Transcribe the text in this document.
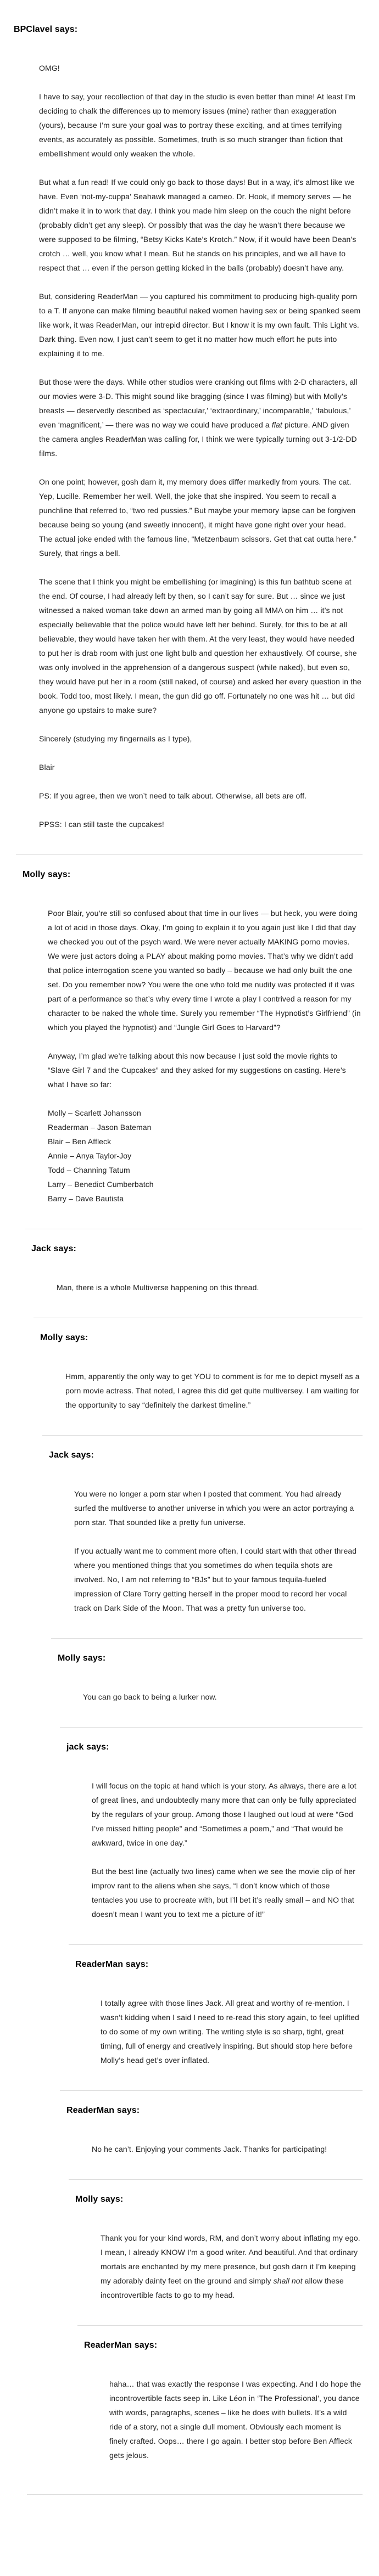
BPClavel says:

OMG!

I have to say, your recollection of that day in the studio is even better than mine! At least I’m deciding to chalk the differences up to memory issues (mine) rather than exaggeration (yours), because I’m sure your goal was to portray these exciting, and at times terrifying events, as accurately as possible. Sometimes, truth is so much stranger than fiction that embellishment would only weaken the whole.

But what a fun read! If we could only go back to those days! But in a way, it’s almost like we have. Even ‘not-my-cuppa’ Seahawk managed a cameo. Dr. Hook, if memory serves — he didn’t make it in to work that day. I think you made him sleep on the couch the night before (probably didn’t get any sleep). Or possibly that was the day he wasn’t there because we were supposed to be filming, “Betsy Kicks Kate’s Krotch.” Now, if it would have been Dean’s crotch … well, you know what I mean. But he stands on his principles, and we all have to respect that … even if the person getting kicked in the balls (probably) doesn’t have any.

But, considering ReaderMan — you captured his commitment to producing high-quality porn to a T. If anyone can make filming beautiful naked women having sex or being spanked seem like work, it was ReaderMan, our intrepid director. But I know it is my own fault. This Light vs. Dark thing. Even now, I just can’t seem to get it no matter how much effort he puts into explaining it to me.

But those were the days. While other studios were cranking out films with 2-D characters, all our movies were 3-D. This might sound like bragging (since I was filming) but with Molly’s breasts — deservedly described as ‘spectacular,’ ‘extraordinary,’ incomparable,’ ‘fabulous,’ even ‘magnificent,’ — there was no way we could have produced a flat picture. AND given the camera angles ReaderMan was calling for, I think we were typically turning out 3-1/2-DD films.

On one point; however, gosh darn it, my memory does differ markedly from yours. The cat. Yep, Lucille. Remember her well. Well, the joke that she inspired. You seem to recall a punchline that referred to, “two red pussies.” But maybe your memory lapse can be forgiven because being so young (and sweetly innocent), it might have gone right over your head. The actual joke ended with the famous line, “Metzenbaum scissors. Get that cat outta here.” Surely, that rings a bell.

The scene that I think you might be embellishing (or imagining) is this fun bathtub scene at the end. Of course, I had already left by then, so I can’t say for sure. But … since we just witnessed a naked woman take down an armed man by going all MMA on him … it’s not especially believable that the police would have left her behind. Surely, for this to be at all believable, they would have taken her with them. At the very least, they would have needed to put her is drab room with just one light bulb and question her exhaustively. Of course, she was only involved in the apprehension of a dangerous suspect (while naked), but even so, they would have put her in a room (still naked, of course) and asked her every question in the book. Todd too, most likely. I mean, the gun did go off. Fortunately no one was hit … but did anyone go upstairs to make sure?

Sincerely (studying my fingernails as I type),

Blair

PS: If you agree, then we won’t need to talk about. Otherwise, all bets are off.

PPSS: I can still taste the cupcakes!

Molly says:

Poor Blair, you’re still so confused about that time in our lives — but heck, you were doing a lot of acid in those days. Okay, I’m going to explain it to you again just like I did that day we checked you out of the psych ward. We were never actually MAKING porno movies. We were just actors doing a PLAY about making porno movies. That’s why we didn’t add that police interrogation scene you wanted so badly – because we had only built the one set. Do you remember now? You were the one who told me nudity was protected if it was part of a performance so that’s why every time I wrote a play I contrived a reason for my character to be naked the whole time. Surely you remember “The Hypnotist’s Girlfriend” (in which you played the hypnotist) and “Jungle Girl Goes to Harvard”?

Anyway, I’m glad we’re talking about this now because I just sold the movie rights to “Slave Girl 7 and the Cupcakes” and they asked for my suggestions on casting. Here’s what I have so far:

Molly – Scarlett Johansson
Readerman – Jason Bateman
Blair – Ben Affleck
Annie – Anya Taylor-Joy
Todd – Channing Tatum
Larry – Benedict Cumberbatch
Barry – Dave Bautista

Jack says:

Man, there is a whole Multiverse happening on this thread.

Molly says:

Hmm, apparently the only way to get YOU to comment is for me to depict myself as a porn movie actress. That noted, I agree this did get quite multiversey. I am waiting for the opportunity to say “definitely the darkest timeline.”

Jack says:

You were no longer a porn star when I posted that comment. You had already surfed the multiverse to another universe in which you were an actor portraying a porn star. That sounded like a pretty fun universe.

If you actually want me to comment more often, I could start with that other thread where you mentioned things that you sometimes do when tequila shots are involved. No, I am not referring to “BJs” but to your famous tequila-fueled impression of Clare Torry getting herself in the proper mood to record her vocal track on Dark Side of the Moon. That was a pretty fun universe too.

Molly says:

You can go back to being a lurker now.

jack says:

I will focus on the topic at hand which is your story. As always, there are a lot of great lines, and undoubtedly many more that can only be fully appreciated by the regulars of your group. Among those I laughed out loud at were “God I’ve missed hitting people” and “Sometimes a poem,” and “That would be awkward, twice in one day.”

But the best line (actually two lines) came when we see the movie clip of her improv rant to the aliens when she says, “I don’t know which of those tentacles you use to procreate with, but I’ll bet it’s really small – and NO that doesn’t mean I want you to text me a picture of it!”

ReaderMan says:

I totally agree with those lines Jack. All great and worthy of re-mention. I wasn’t kidding when I said I need to re-read this story again, to feel uplifted to do some of my own writing. The writing style is so sharp, tight, great timing, full of energy and creatively inspiring. But should stop here before Molly’s head get’s over inflated.

ReaderMan says:

No he can’t. Enjoying your comments Jack. Thanks for participating!

Molly says:

Thank you for your kind words, RM, and don’t worry about inflating my ego. I mean, I already KNOW I’m a good writer. And beautiful. And that ordinary mortals are enchanted by my mere presence, but gosh darn it I’m keeping my adorably dainty feet on the ground and simply shall not allow these incontrovertible facts to go to my head.

ReaderMan says:

haha… that was exactly the response I was expecting. And I do hope the incontrovertible facts seep in. Like Léon in ‘The Professional’, you dance with words, paragraphs, scenes – like he does with bullets. It’s a wild ride of a story, not a single dull moment. Obviously each moment is finely crafted. Oops… there I go again. I better stop before Ben Affleck gets jelous.
